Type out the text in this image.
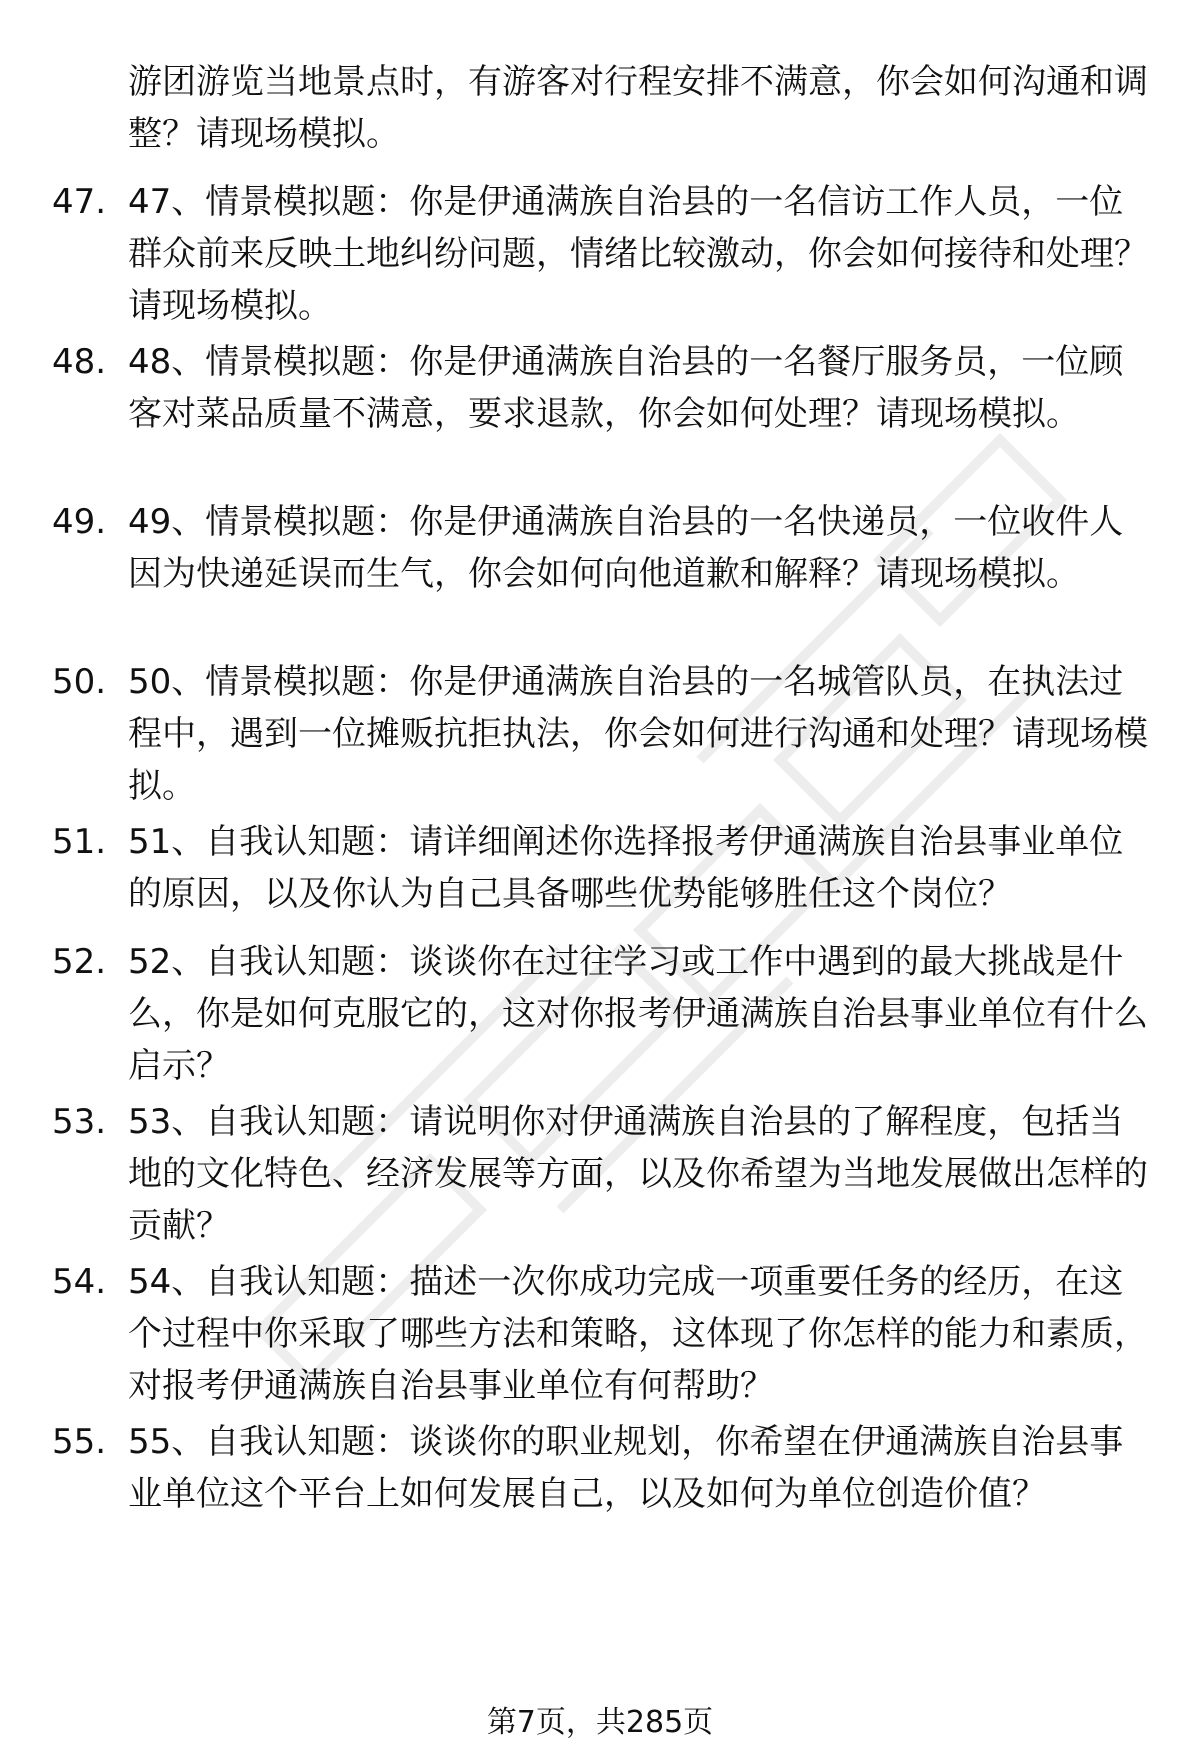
游团游览当地景点时，有游客对行程安排不满意，你会如何沟通和调整？请现场模拟。
47. 47、情景模拟题：你是伊通满族自治县的一名信访工作人员，一位群众前来反映土地纠纷问题，情绪比较激动，你会如何接待和处理？请现场模拟。
48. 48、情景模拟题：你是伊通满族自治县的一名餐厅服务员，一位顾客对菜品质量不满意，要求退款，你会如何处理？请现场模拟。
49. 49、情景模拟题：你是伊通满族自治县的一名快递员，一位收件人因为快递延误而生气，你会如何向他道歉和解释？请现场模拟。
50. 50、情景模拟题：你是伊通满族自治县的一名城管队员，在执法过程中，遇到一位摊贩抗拒执法，你会如何进行沟通和处理？请现场模拟。
51. 51、自我认知题：请详细阐述你选择报考伊通满族自治县事业单位的原因，以及你认为自己具备哪些优势能够胜任这个岗位？
52. 52、自我认知题：谈谈你在过往学习或工作中遇到的最大挑战是什么，你是如何克服它的，这对你报考伊通满族自治县事业单位有什么启示？
53. 53、自我认知题：请说明你对伊通满族自治县的了解程度，包括当地的文化特色、经济发展等方面，以及你希望为当地发展做出怎样的贡献？
54. 54、自我认知题：描述一次你成功完成一项重要任务的经历，在这个过程中你采取了哪些方法和策略，这体现了你怎样的能力和素质，对报考伊通满族自治县事业单位有何帮助？
55. 55、自我认知题：谈谈你的职业规划，你希望在伊通满族自治县事业单位这个平台上如何发展自己，以及如何为单位创造价值？
第7页，共285页
